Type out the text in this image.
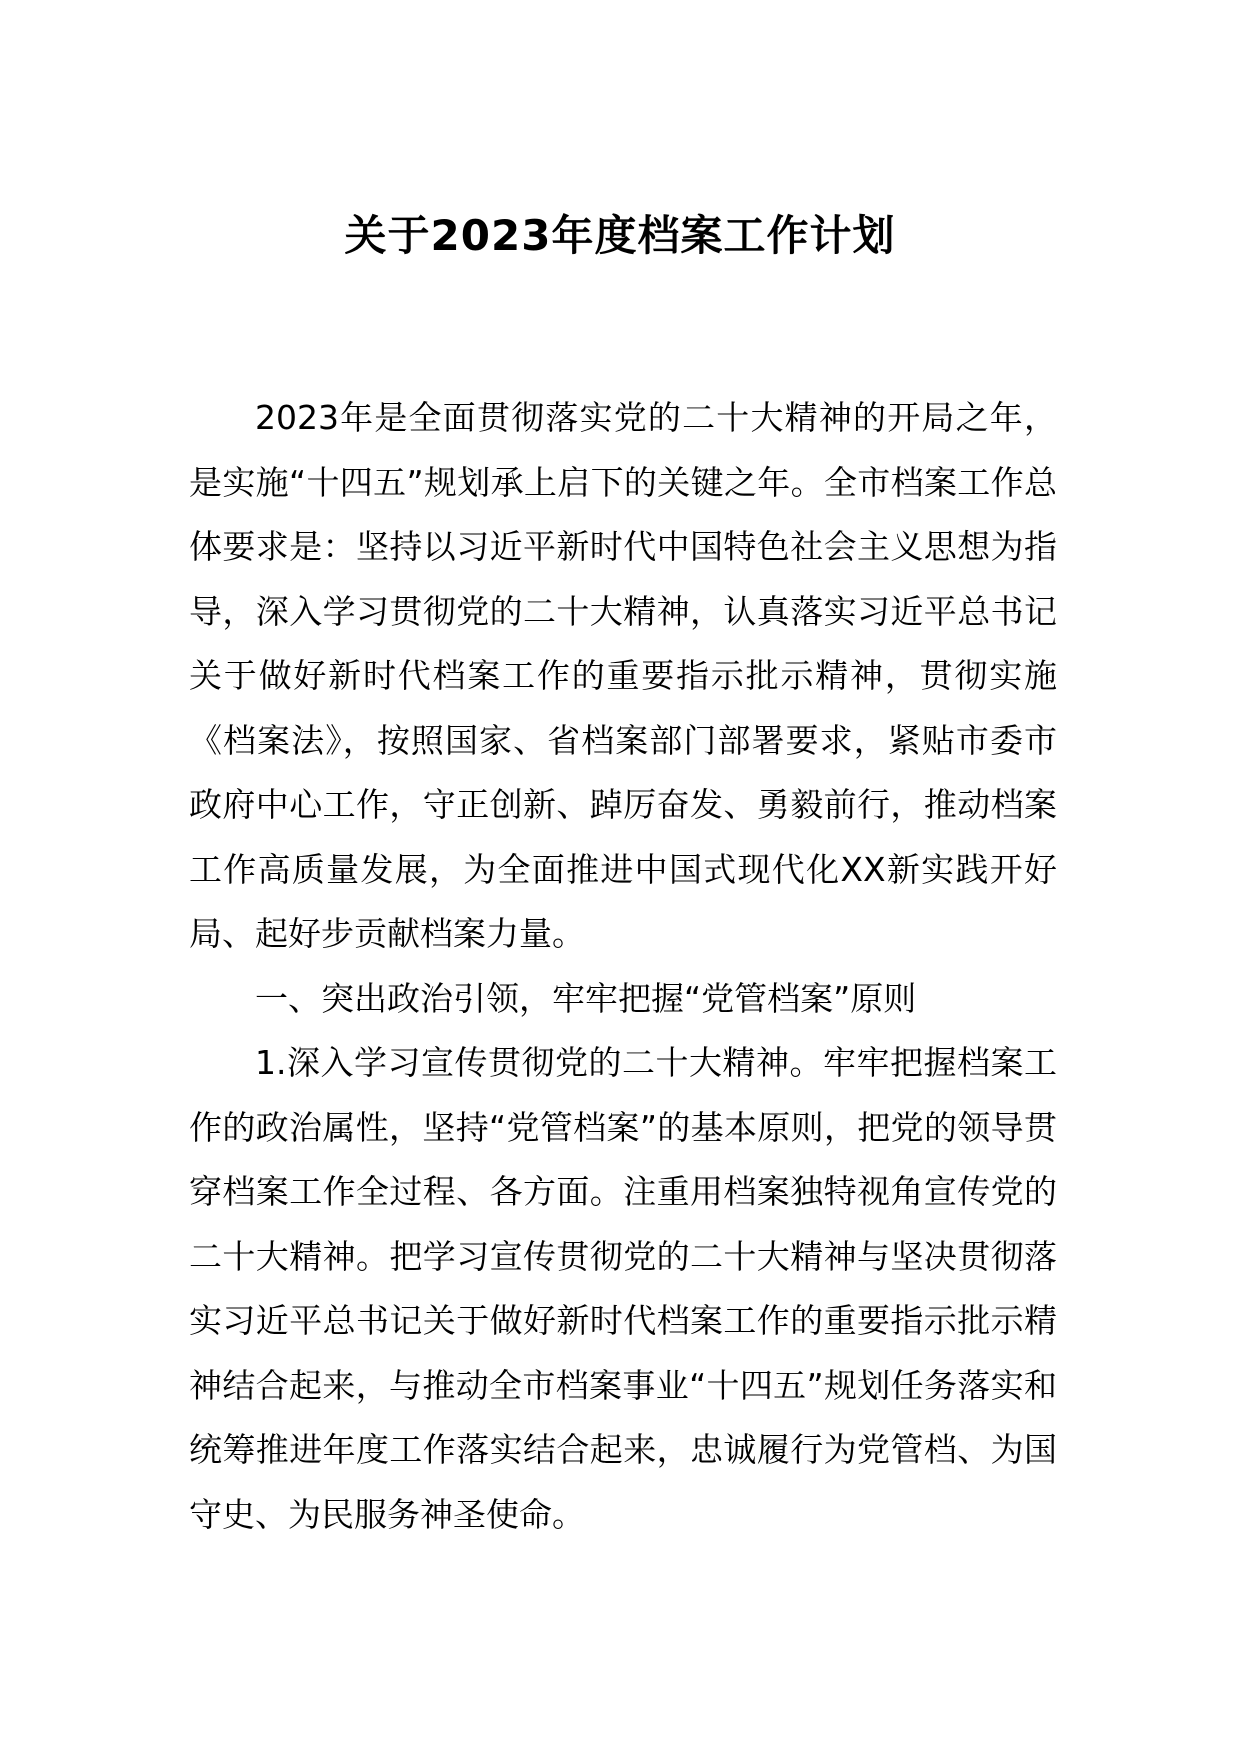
关于2023年度档案工作计划

2023年是全面贯彻落实党的二十大精神的开局之年，是实施“十四五”规划承上启下的关键之年。全市档案工作总体要求是：坚持以习近平新时代中国特色社会主义思想为指导，深入学习贯彻党的二十大精神，认真落实习近平总书记关于做好新时代档案工作的重要指示批示精神，贯彻实施《档案法》，按照国家、省档案部门部署要求，紧贴市委市政府中心工作，守正创新、踔厉奋发、勇毅前行，推动档案工作高质量发展，为全面推进中国式现代化XX新实践开好局、起好步贡献档案力量。

一、突出政治引领，牢牢把握“党管档案”原则

1.深入学习宣传贯彻党的二十大精神。牢牢把握档案工作的政治属性，坚持“党管档案”的基本原则，把党的领导贯穿档案工作全过程、各方面。注重用档案独特视角宣传党的二十大精神。把学习宣传贯彻党的二十大精神与坚决贯彻落实习近平总书记关于做好新时代档案工作的重要指示批示精神结合起来，与推动全市档案事业“十四五”规划任务落实和统筹推进年度工作落实结合起来，忠诚履行为党管档、为国守史、为民服务神圣使命。
